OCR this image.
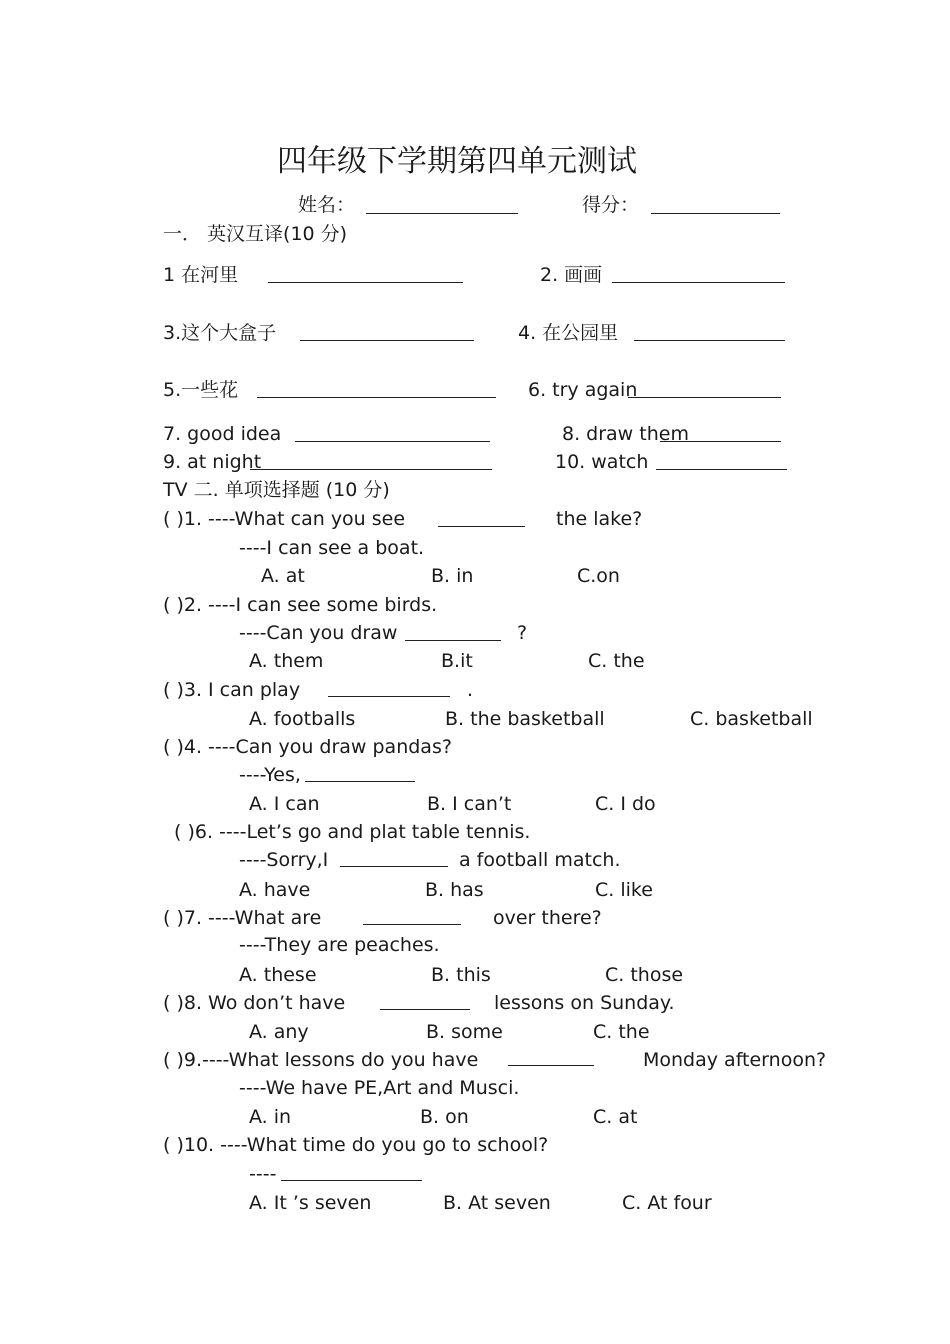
四年级下学期第四单元测试
姓名：	得分：
一． 英汉互译(10 分)
1 在河里	2. 画画
3.这个大盒子	4. 在公园里
5.一些花	6. try again
7. good idea	8. draw them
9. at night	10. watch
TV 二. 单项选择题 (10 分)
( )1. ----What can you see	the lake?
----I can see a boat.
A. at	B. in	C.on
( )2. ----I can see some birds.
----Can you draw	?
A. them	B.it	C. the
( )3. I can play	.
A. footballs	B. the basketball	C. basketball
( )4. ----Can you draw pandas?
----Yes,
A. I can	B. I can’t	C. I do
( )6. ----Let’s go and plat table tennis.
----Sorry,I	a football match.
A. have	B. has	C. like
( )7. ----What are	over there?
----They are peaches.
A. these	B. this	C. those
( )8. Wo don’t have	lessons on Sunday.
A. any	B. some	C. the
( )9.----What lessons do you have	Monday afternoon?
----We have PE,Art and Musci.
A. in	B. on	C. at
( )10. ----What time do you go to school?
----
A. It ’s seven	B. At seven	C. At four
